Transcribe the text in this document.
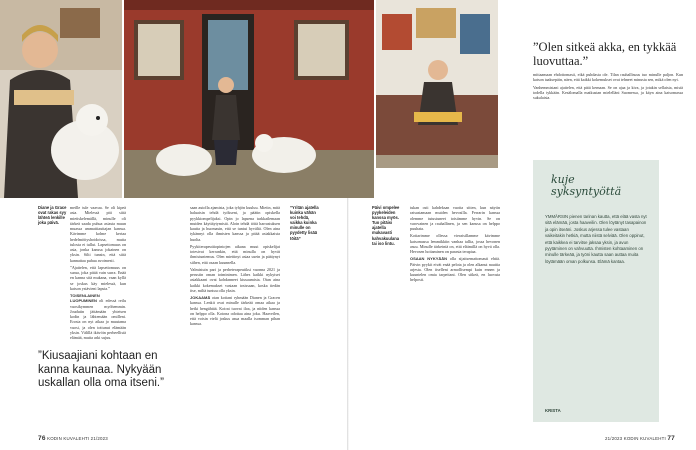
”Olen sitkeä akka, en tykkää luovuttaa.”

mittaamaan ehdottomasti, eikä puhdasta ole. Tilan rauhallisuus tuo minulle paljon. Kun katson taaksepäin, näen, että kaikki kokemukset ovat tehneet minusta sen, mikä olen nyt.

Vanhemmistani ajattelen, että pätä kernaan. Se on ajaa ja kiva, ja jotakin sellaista, mistä todella tykkään. Kesälomalla matkustan mielelläni Suomessa, ja käyn aina katsomassa sukulaisia.

Diane ja Grace ovat rakas syy lähteä lenkille joka päivä.
”Yritän ajatella kuinka vähän voi tehdä, vaikka kuinka minulle on pyydetty lisää töitä”
Päivi ompelee pyykeleiden kanssa myös. Tuo pitäisi ajatella mukavasti kahvakuulana tai iso lintu.

meille tule vaavaa. Se oli kipeä asia. Mielessä piti siitä mietiskelemällä, minulle oli tärkeä saada puhua asiasta muun muassa ammattiauttajan kanssa. Kävimme kolme kertaa hedelmöityshoidoissa, mutta tulosta ei tullut. Lapsettomuus on asia, jonka kanssa jokainen on yksin. Silti tunsin, että siitä kannattaa puhua avoimesti.

”Ajattelen, että lapsettomuus on surua, joka pitää vain surra. Enää en kanna sitä mukana, vaan kyllä se joskus käy mielessä, kun katson ystävieni lapsia.”

TOISENLAINEN LUOPUMINEN oli edessä reilu vuosikymmen myöhemmin. Joudutin jättämään yhteisen kodin ja lähtemään omilleni. Erosta on nyt aikaa jo muutama vuosi, ja olen tottunut elämään yksin. Välillä ikävöin perheellistä elämää, mutta arki sujuu.

”Kiusaajiani kohtaan en kanna kaunaa. Nykyään uskallan olla oma itseni.”

saan autolla ajamista, joka tyhjön kuuluu. Mietin, mitä haluaisin tehdä työkseni, ja päätin opiskella pyykkiompelijaksi. Opin jo lapsena tarkkailemaan muiden käyttäytymistä. Aloin tehdä töitä harrastuksen kautta ja huomasin, että se tuntui hyvältä. Olen aina tykännyt olla ihmisten kanssa ja pitää asiakkaista huolta.

Pyykiterapeuttiopintojen aikana muut opiskelijat totesivat kerrankin, että minulla on hyvät ihmistuntemus. Olen miettinyt asiaa usein ja päätynyt siihen, että osaan kuunnella.

Valmistuin pari ja perheterapeutiksi vuonna 2021 ja perustin oman toiminimen. Lähes kaikki nykyiset asiakkaani ovat kohdanneet kiusaamista. Otan aina kaikki kokemukset vastaan tosissaan, koska tiedän itse, miltä tuntuu olla yksin.

JOKAAMÄ otan kotiani ryhmään Dianen ja Gracen kanssa. Lenkit ovat minulle tärkeää omaa aikaa ja hetki hengähtää. Koirat tuovat iloa, ja niiden kanssa on helppo olla. Kotona odottaa aina joku. Haaveilen, että voisin vielä joskus asua maalla isomman pihan kanssa.

tukan osti kahdeksan vuotta sitten, kun näytin ratsastamaan muiden hevosilla. Ferrarin kanssa olemme tutustuneet toisiimme hyvin. Se on varovainen ja rauhallinen, ja sen kanssa on helppo puuhata.

Kotiarimme ollessa vieraisillamme kävimme katsomassa lemmikkiin vanhaa tallia, jossa hevonen asuu. Minulle tärkeintä on, että eläimillä on hyvä olla. Hevosen hoitaminen on parasta terapiaa.

OSAAN NYKYÄÄN olla sijaitsemattomasti ehtiä. Päivin pyykit eivät enää pelota ja olen alkanut nauttia arjesta. Olen itselleni armollisempi kuin ennen ja kuuntelen omia tarpeitani. Olen sitkeä, en luovuta helposti.

kuje syksyntyöttä
YMMÄRSIN pienen tarinan kautta, että elää vasta nyt sitä elämää, josta haaveilin. Olen löytänyt tasapainon ja opin itseäni. Joskus arjessa tulee vastaan vaikeitakin hetkiä, mutta niistä selviää. Olen oppinut, että kaikkea ei tarvitse jaksaa yksin, ja avun pyytäminen on vahvuutta. Ihmisten kohtaaminen on minulle tärkeää, ja työni kautta saan auttaa muita löytämään oman polkunsa. Elämä kantaa.
KRISTA
76 KODIN KUVALEHTI 21/2023	21/2023 KODIN KUVALEHTI 77
